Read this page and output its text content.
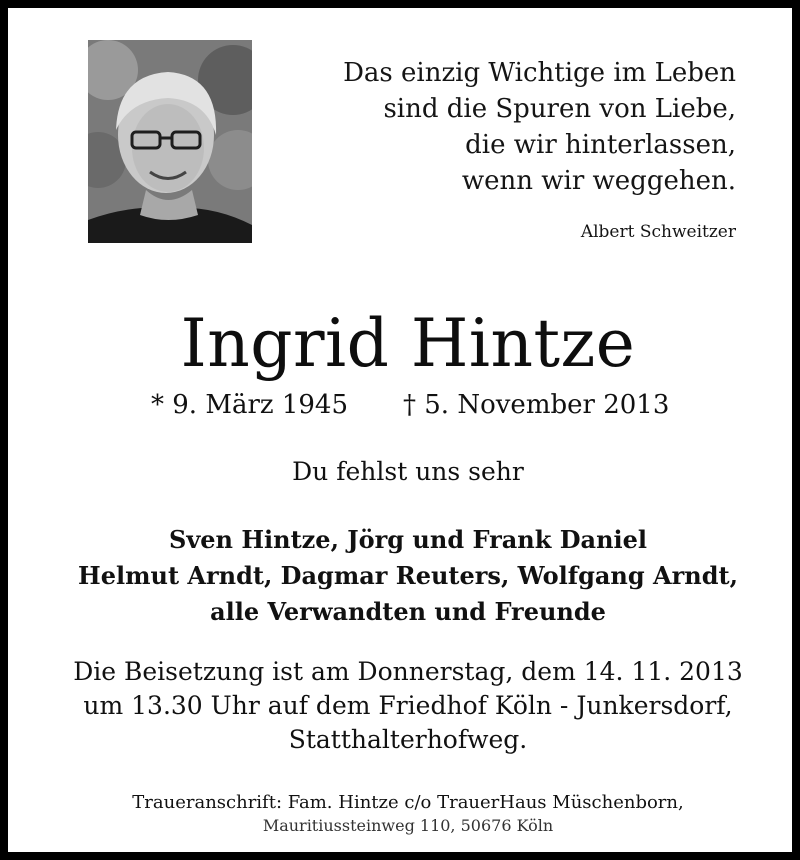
Das einzig Wichtige im Leben
sind die Spuren von Liebe,
die wir hinterlassen,
wenn wir weggehen.
Albert Schweitzer
Ingrid Hintze
* 9. März 1945 † 5. November 2013
Du fehlst uns sehr
Sven Hintze, Jörg und Frank Daniel
Helmut Arndt, Dagmar Reuters, Wolfgang Arndt,
alle Verwandten und Freunde
Die Beisetzung ist am Donnerstag, dem 14. 11. 2013
um 13.30 Uhr auf dem Friedhof Köln - Junkersdorf,
Statthalterhofweg.
Traueranschrift: Fam. Hintze c/o TrauerHaus Müschenborn,
Mauritiussteinweg 110, 50676 Köln
